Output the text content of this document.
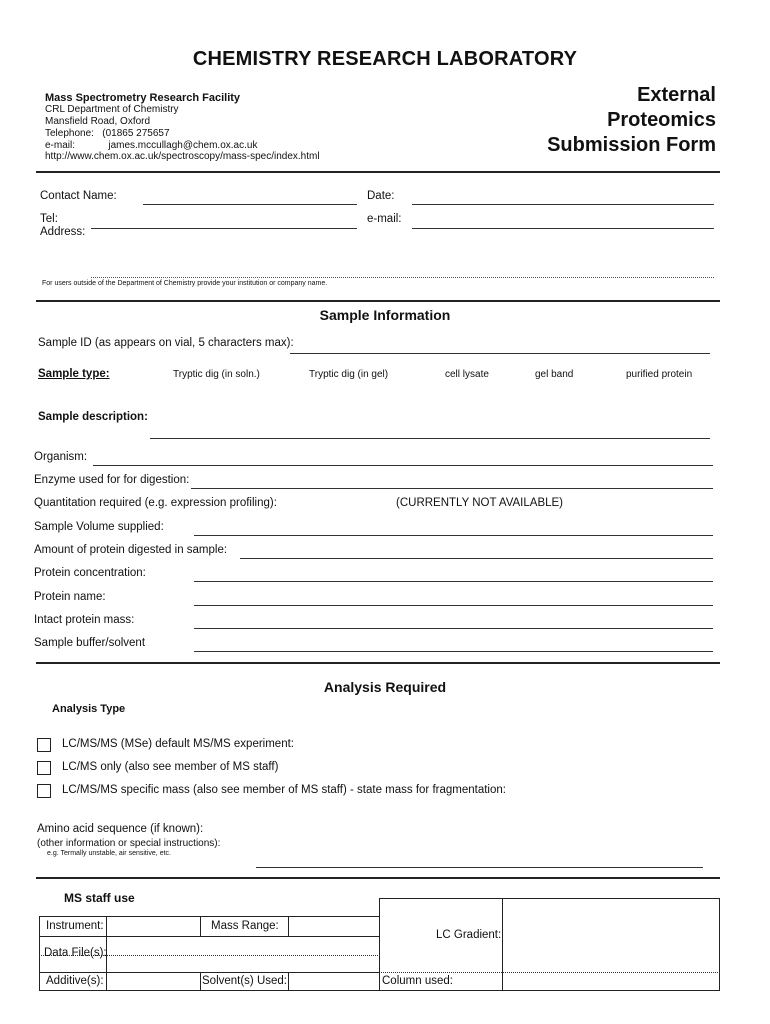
CHEMISTRY RESEARCH LABORATORY
Mass Spectrometry Research Facility
CRL Department of Chemistry
Mansfield Road, Oxford
Telephone:   (01865 275657
e-mail:            james.mccullagh@chem.ox.ac.uk
http://www.chem.ox.ac.uk/spectroscopy/mass-spec/index.html
External
Proteomics
Submission Form
Contact Name:	Date:
Tel:	e-mail:
Address:
For users outside of the Department of Chemistry provide your institution or company name.
Sample Information
Sample ID (as appears on vial, 5 characters max):
Sample type:	Tryptic dig (in soln.)	Tryptic dig (in gel)	cell lysate	gel band	purified protein
Sample description:
Organism:
Enzyme used for for digestion:
Quantitation required (e.g. expression profiling):	(CURRENTLY NOT AVAILABLE)
Sample Volume supplied:
Amount of protein digested in sample:
Protein concentration:
Protein name:
Intact protein mass:
Sample buffer/solvent
Analysis Required
Analysis Type
LC/MS/MS (MSe) default MS/MS experiment:
LC/MS only (also see member of MS staff)
LC/MS/MS specific mass (also see member of MS staff) - state mass for fragmentation:
Amino acid sequence (if known):
(other information or special instructions):
e.g. Termally unstable, air sensitive, etc.
MS staff use
LC Gradient:
Column used:
Instrument:	Mass Range:
Data File(s):
Additive(s):	Solvent(s) Used:
